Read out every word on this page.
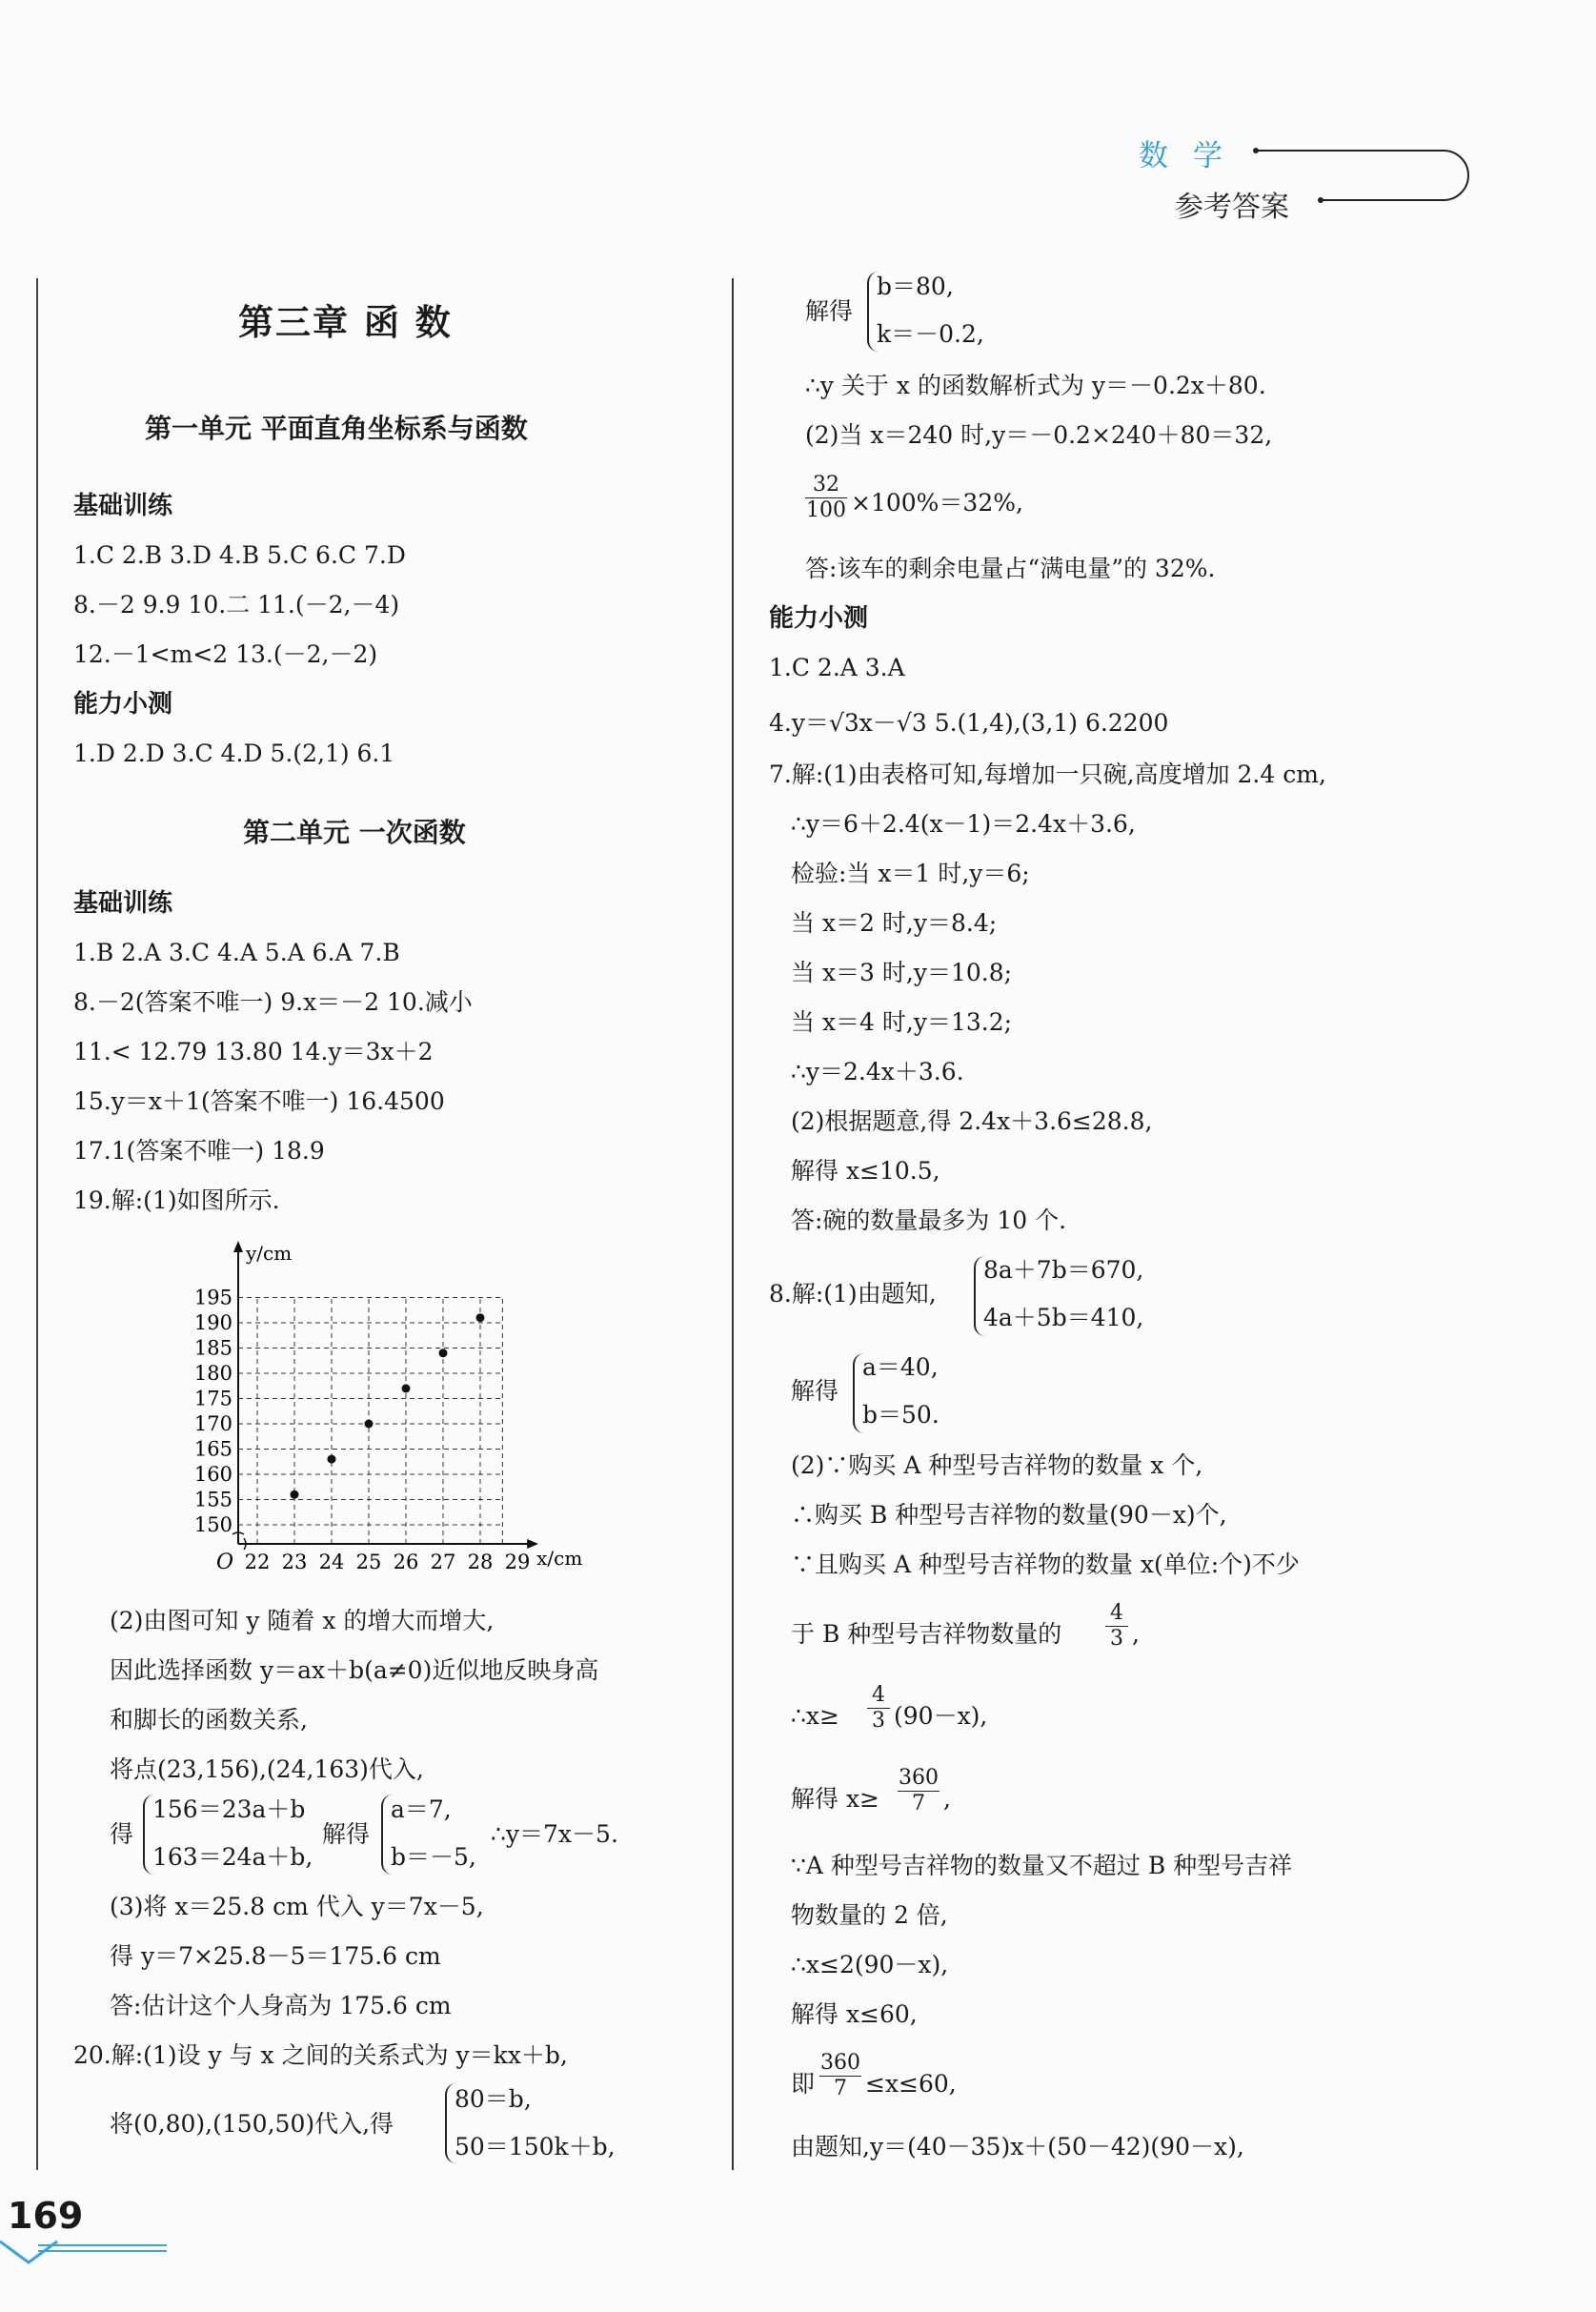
数学
参考答案
第三章 函 数
第一单元 平面直角坐标系与函数
基础训练
1.C 2.B 3.D 4.B 5.C 6.C 7.D
8.－2 9.9 10.二 11.(－2,－4)
12.－1<m<2 13.(－2,－2)
能力小测
1.D 2.D 3.C 4.D 5.(2,1) 6.1
第二单元 一次函数
基础训练
1.B 2.A 3.C 4.A 5.A 6.A 7.B
8.－2(答案不唯一) 9.x＝－2 10.减小
11.< 12.79 13.80 14.y＝3x＋2
15.y＝x＋1(答案不唯一) 16.4500
17.1(答案不唯一) 18.9
19.解:(1)如图所示.
22 23 24 25 26 27 28 29
150
155
160
165
170
175
180
185
190
195
O
y/cm
x/cm
(2)由图可知 y 随着 x 的增大而增大,
因此选择函数 y＝ax＋b(a≠0)近似地反映身高
和脚长的函数关系,
将点(23,156),(24,163)代入,
得
156＝23a＋b
163＝24a＋b,
解得
a＝7,
b＝－5,
∴y＝7x－5.
(3)将 x＝25.8 cm 代入 y＝7x－5,
得 y＝7×25.8－5＝175.6 cm
答:估计这个人身高为 175.6 cm
20.解:(1)设 y 与 x 之间的关系式为 y＝kx＋b,
将(0,80),(150,50)代入,得
80＝b,
50＝150k＋b,
解得
b＝80,
k＝－0.2,
∴y 关于 x 的函数解析式为 y＝－0.2x＋80.
(2)当 x＝240 时,y＝－0.2×240＋80＝32,
32
100 ×100%＝32%,
答:该车的剩余电量占“满电量”的 32%.
能力小测
1.C 2.A 3.A
4.y＝√3x－√3 5.(1,4),(3,1) 6.2200
7.解:(1)由表格可知,每增加一只碗,高度增加 2.4 cm,
∴y＝6＋2.4(x－1)＝2.4x＋3.6,
检验:当 x＝1 时,y＝6;
当 x＝2 时,y＝8.4;
当 x＝3 时,y＝10.8;
当 x＝4 时,y＝13.2;
∴y＝2.4x＋3.6.
(2)根据题意,得 2.4x＋3.6≤28.8,
解得 x≤10.5,
答:碗的数量最多为 10 个.
8.解:(1)由题知,
8a＋7b＝670,
4a＋5b＝410,
解得
a＝40,
b＝50.
(2)∵购买 A 种型号吉祥物的数量 x 个,
∴购买 B 种型号吉祥物的数量(90－x)个,
∵且购买 A 种型号吉祥物的数量 x(单位:个)不少
于 B 种型号吉祥物数量的
4
3 ,
∴x≥
4
3 (90－x),
解得 x≥
360
7 ,
∵A 种型号吉祥物的数量又不超过 B 种型号吉祥
物数量的 2 倍,
∴x≤2(90－x),
解得 x≤60,
即
360
7 ≤x≤60,
由题知,y＝(40－35)x＋(50－42)(90－x),
169
